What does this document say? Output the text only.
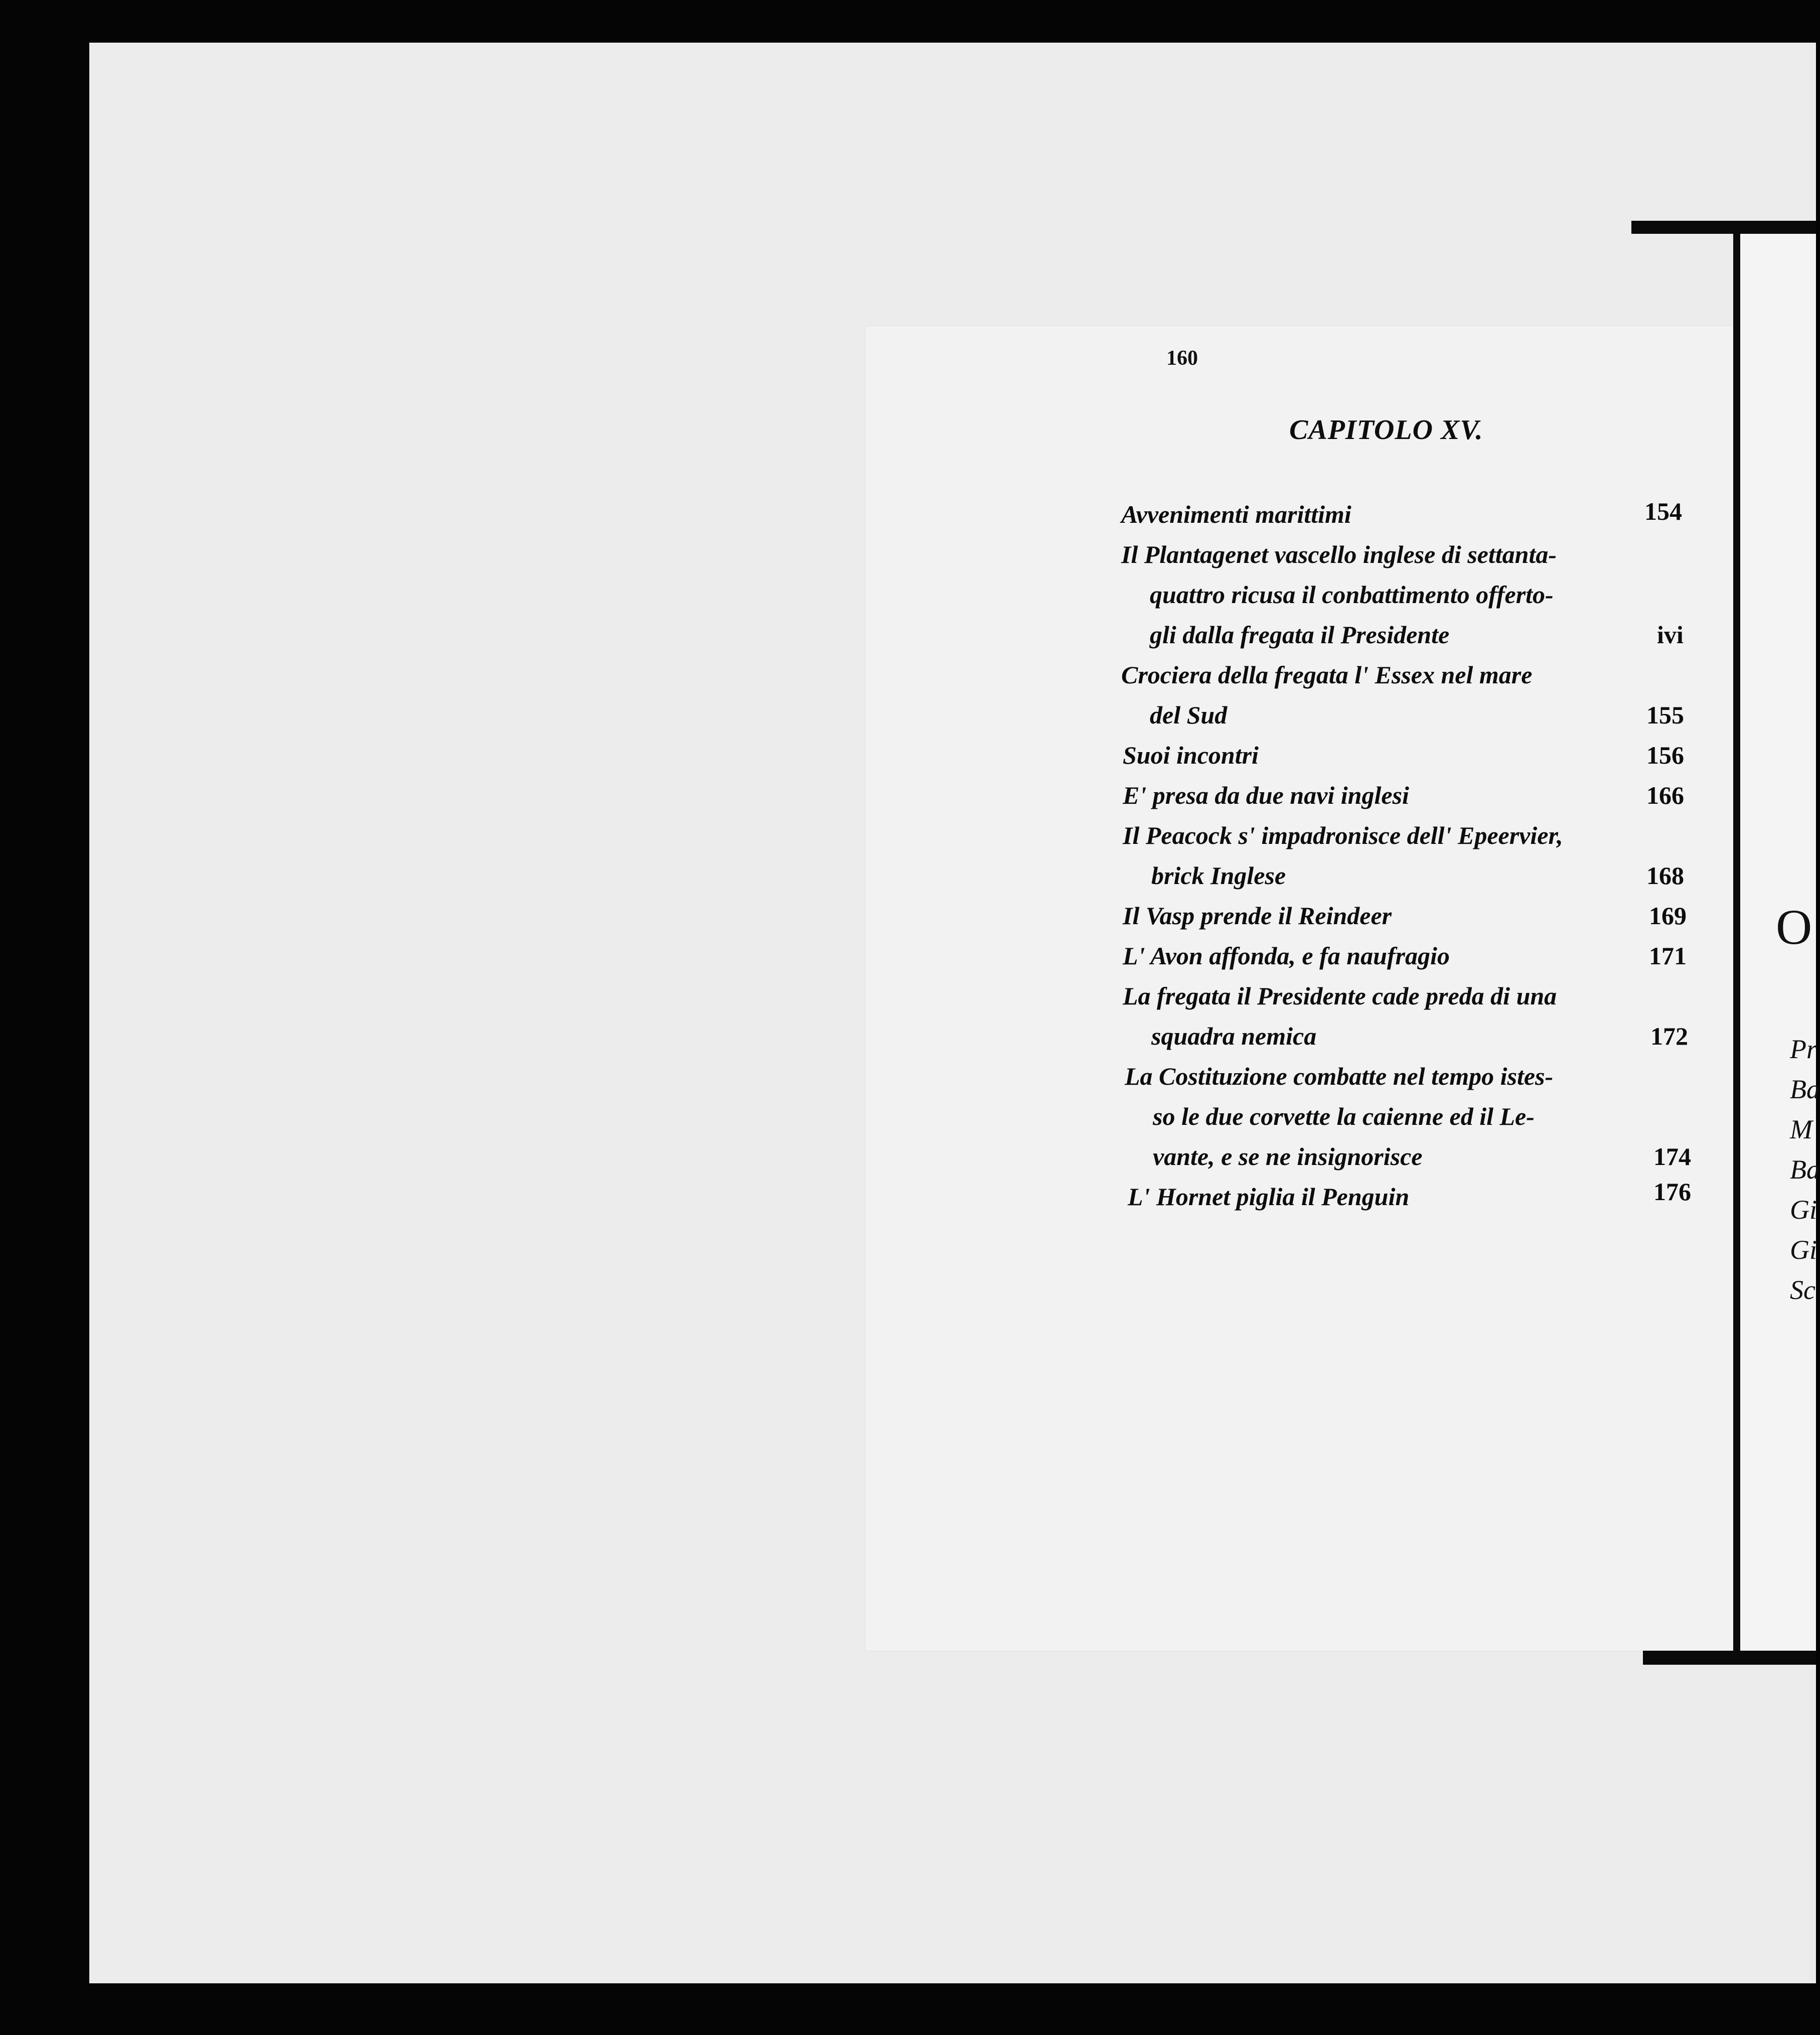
160
CAPITOLO XV.
Avvenimenti marittimi
Il Plantagenet vascello inglese di settanta-
quattro ricusa il conbattimento offerto-
gli dalla fregata il Presidente
Crociera della fregata l' Essex nel mare
del Sud
Suoi incontri
E' presa da due navi inglesi
Il Peacock s' impadronisce dell' Epeervier,
brick Inglese
Il Vasp prende il Reindeer
L' Avon affonda, e fa naufragio
La fregata il Presidente cade preda di una
squadra nemica
La Costituzione combatte nel tempo istes-
so le due corvette la caienne ed il Le-
vante, e se ne insignorisce
L' Hornet piglia il Penguin
154
ivi
155
156
166
168
169
171
172
174
176
O
Pr
Ba
M
Ba
Gi
Gi
Sc
